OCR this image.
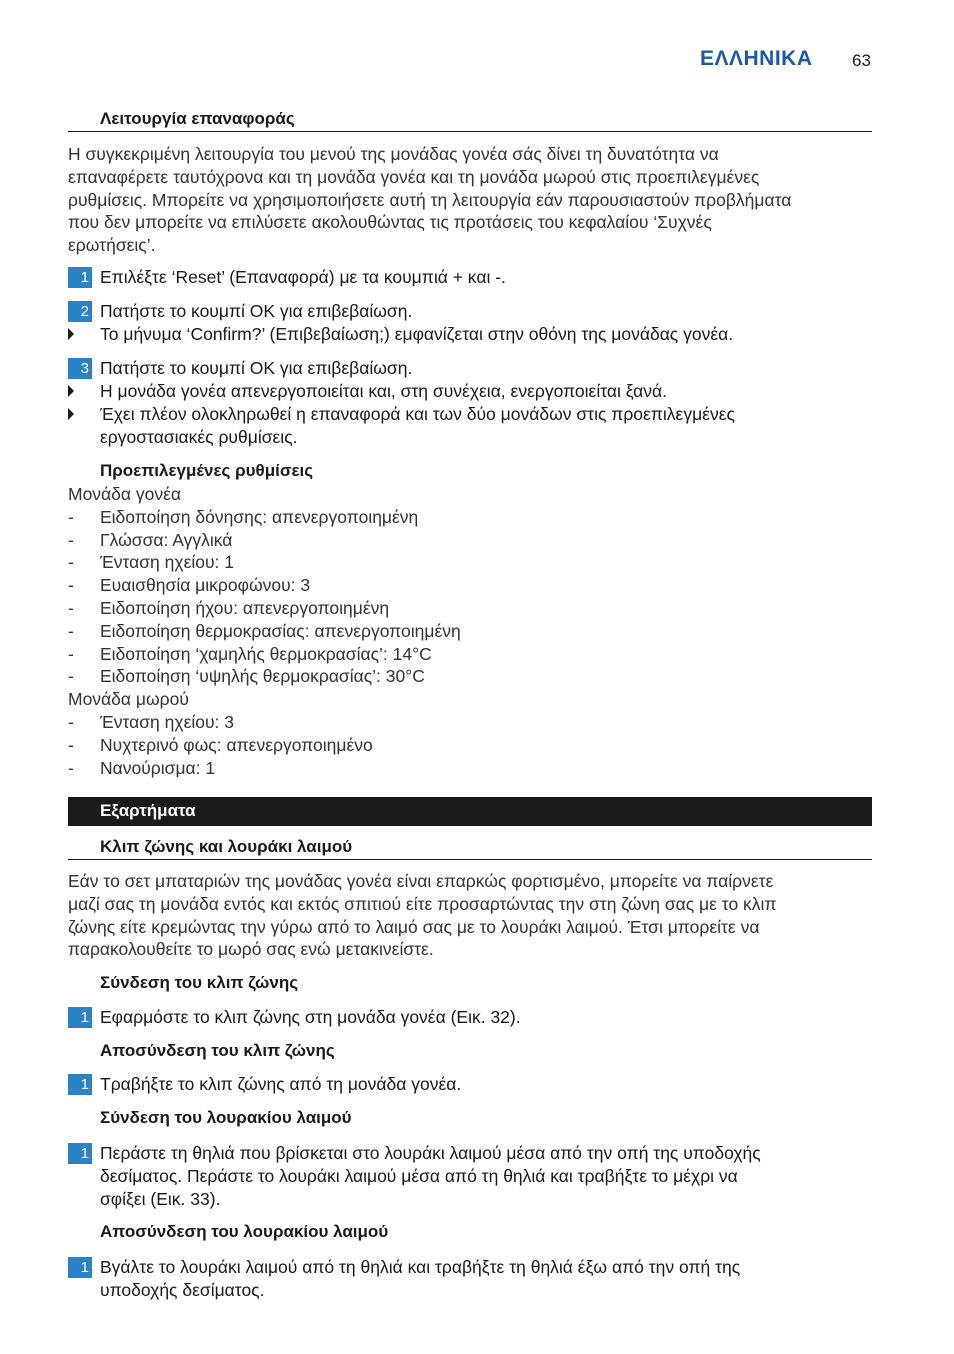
ΕΛΛΗΝΙΚΑ 63
Λειτουργία επαναφοράς
Η συγκεκριμένη λειτουργία του μενού της μονάδας γονέα σάς δίνει τη δυνατότητα να
επαναφέρετε ταυτόχρονα και τη μονάδα γονέα και τη μονάδα μωρού στις προεπιλεγμένες
ρυθμίσεις. Μπορείτε να χρησιμοποιήσετε αυτή τη λειτουργία εάν παρουσιαστούν προβλήματα
που δεν μπορείτε να επιλύσετε ακολουθώντας τις προτάσεις του κεφαλαίου ‘Συχνές
ερωτήσεις’.
1 Επιλέξτε ‘Reset’ (Επαναφορά) με τα κουμπιά + και -.
2 Πατήστε το κουμπί OK για επιβεβαίωση.
Το μήνυμα ‘Confirm?’ (Επιβεβαίωση;) εμφανίζεται στην οθόνη της μονάδας γονέα.
3 Πατήστε το κουμπί OK για επιβεβαίωση.
Η μονάδα γονέα απενεργοποιείται και, στη συνέχεια, ενεργοποιείται ξανά.
Έχει πλέον ολοκληρωθεί η επαναφορά και των δύο μονάδων στις προεπιλεγμένες
εργοστασιακές ρυθμίσεις.
Προεπιλεγμένες ρυθμίσεις
Μονάδα γονέα
- Ειδοποίηση δόνησης: απενεργοποιημένη
- Γλώσσα: Αγγλικά
- Ένταση ηχείου: 1
- Ευαισθησία μικροφώνου: 3
- Ειδοποίηση ήχου: απενεργοποιημένη
- Ειδοποίηση θερμοκρασίας: απενεργοποιημένη
- Ειδοποίηση ‘χαμηλής θερμοκρασίας’: 14°C
- Ειδοποίηση ‘υψηλής θερμοκρασίας’: 30°C
Μονάδα μωρού
- Ένταση ηχείου: 3
- Νυχτερινό φως: απενεργοποιημένο
- Νανούρισμα: 1
Εξαρτήματα
Κλιπ ζώνης και λουράκι λαιμού
Εάν το σετ μπαταριών της μονάδας γονέα είναι επαρκώς φορτισμένο, μπορείτε να παίρνετε
μαζί σας τη μονάδα εντός και εκτός σπιτιού είτε προσαρτώντας την στη ζώνη σας με το κλιπ
ζώνης είτε κρεμώντας την γύρω από το λαιμό σας με το λουράκι λαιμού. Έτσι μπορείτε να
παρακολουθείτε το μωρό σας ενώ μετακινείστε.
Σύνδεση του κλιπ ζώνης
1 Εφαρμόστε το κλιπ ζώνης στη μονάδα γονέα (Εικ. 32).
Αποσύνδεση του κλιπ ζώνης
1 Τραβήξτε το κλιπ ζώνης από τη μονάδα γονέα.
Σύνδεση του λουρακίου λαιμού
1 Περάστε τη θηλιά που βρίσκεται στο λουράκι λαιμού μέσα από την οπή της υποδοχής
δεσίματος. Περάστε το λουράκι λαιμού μέσα από τη θηλιά και τραβήξτε το μέχρι να
σφίξει (Εικ. 33).
Αποσύνδεση του λουρακίου λαιμού
1 Βγάλτε το λουράκι λαιμού από τη θηλιά και τραβήξτε τη θηλιά έξω από την οπή της
υποδοχής δεσίματος.
